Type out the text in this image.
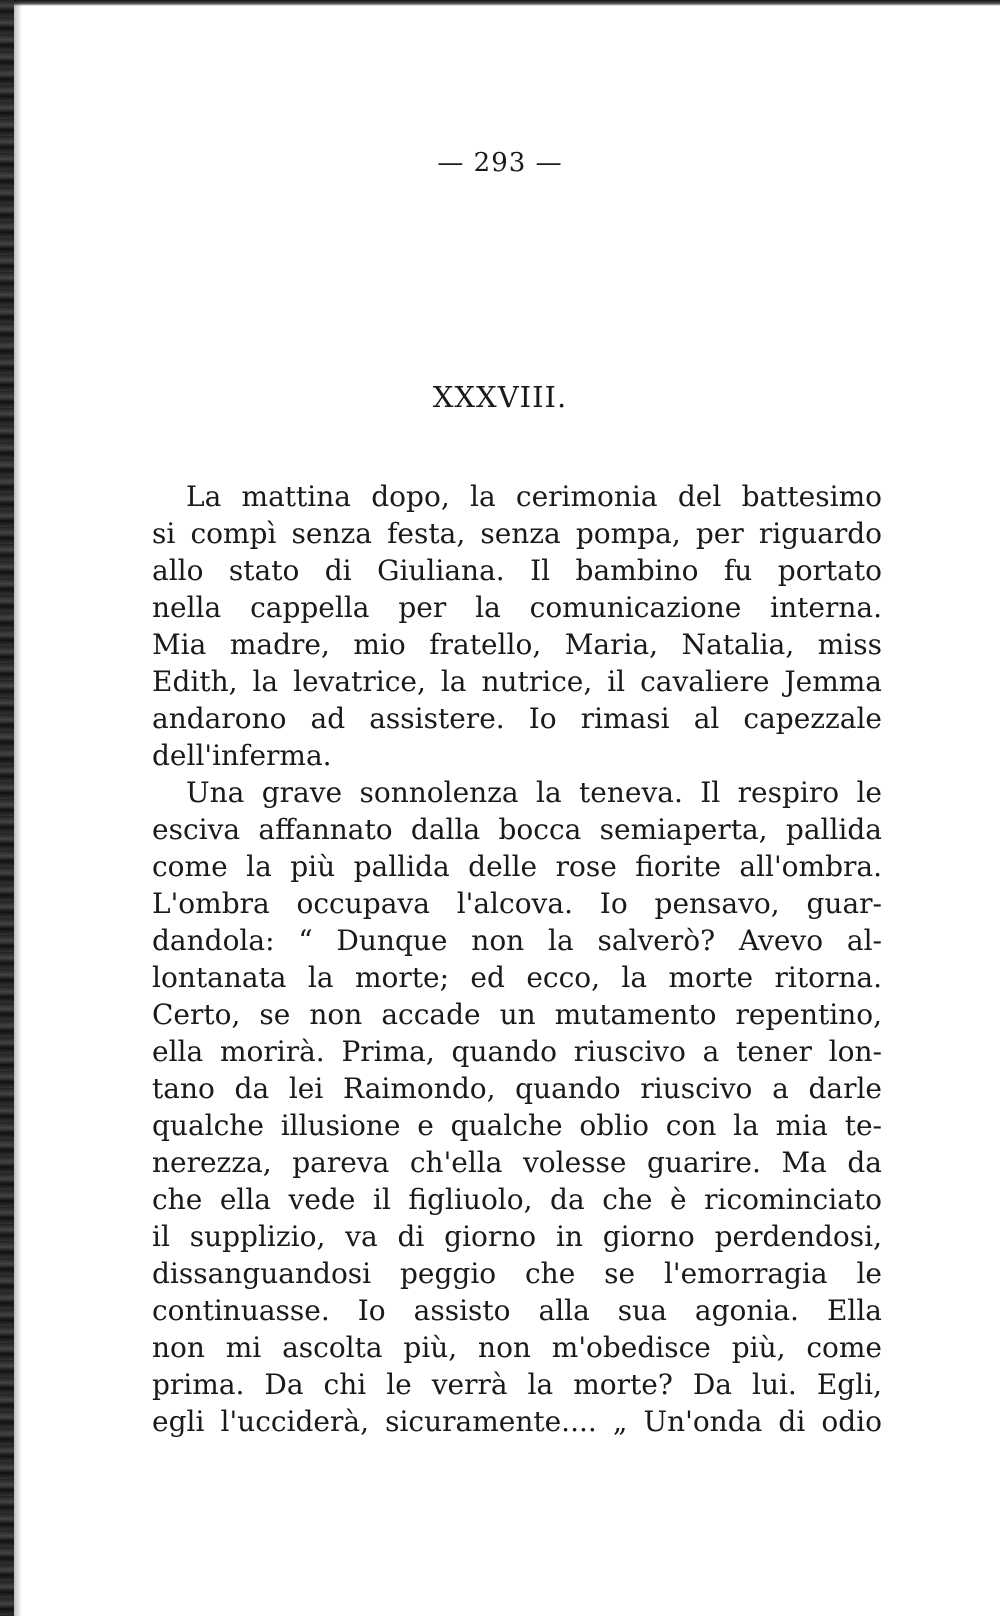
— 293 —
XXXVIII.
La mattina dopo, la cerimonia del battesimo
si compì senza festa, senza pompa, per riguardo
allo stato di Giuliana. Il bambino fu portato
nella cappella per la comunicazione interna.
Mia madre, mio fratello, Maria, Natalia, miss
Edith, la levatrice, la nutrice, il cavaliere Jemma
andarono ad assistere. Io rimasi al capezzale
dell'inferma.
Una grave sonnolenza la teneva. Il respiro le
esciva affannato dalla bocca semiaperta, pallida
come la più pallida delle rose fiorite all'ombra.
L'ombra occupava l'alcova. Io pensavo, guar-
dandola: “ Dunque non la salverò? Avevo al-
lontanata la morte; ed ecco, la morte ritorna.
Certo, se non accade un mutamento repentino,
ella morirà. Prima, quando riuscivo a tener lon-
tano da lei Raimondo, quando riuscivo a darle
qualche illusione e qualche oblio con la mia te-
nerezza, pareva ch'ella volesse guarire. Ma da
che ella vede il figliuolo, da che è ricominciato
il supplizio, va di giorno in giorno perdendosi,
dissanguandosi peggio che se l'emorragia le
continuasse. Io assisto alla sua agonia. Ella
non mi ascolta più, non m'obedisce più, come
prima. Da chi le verrà la morte? Da lui. Egli,
egli l'ucciderà, sicuramente.... „ Un'onda di odio
